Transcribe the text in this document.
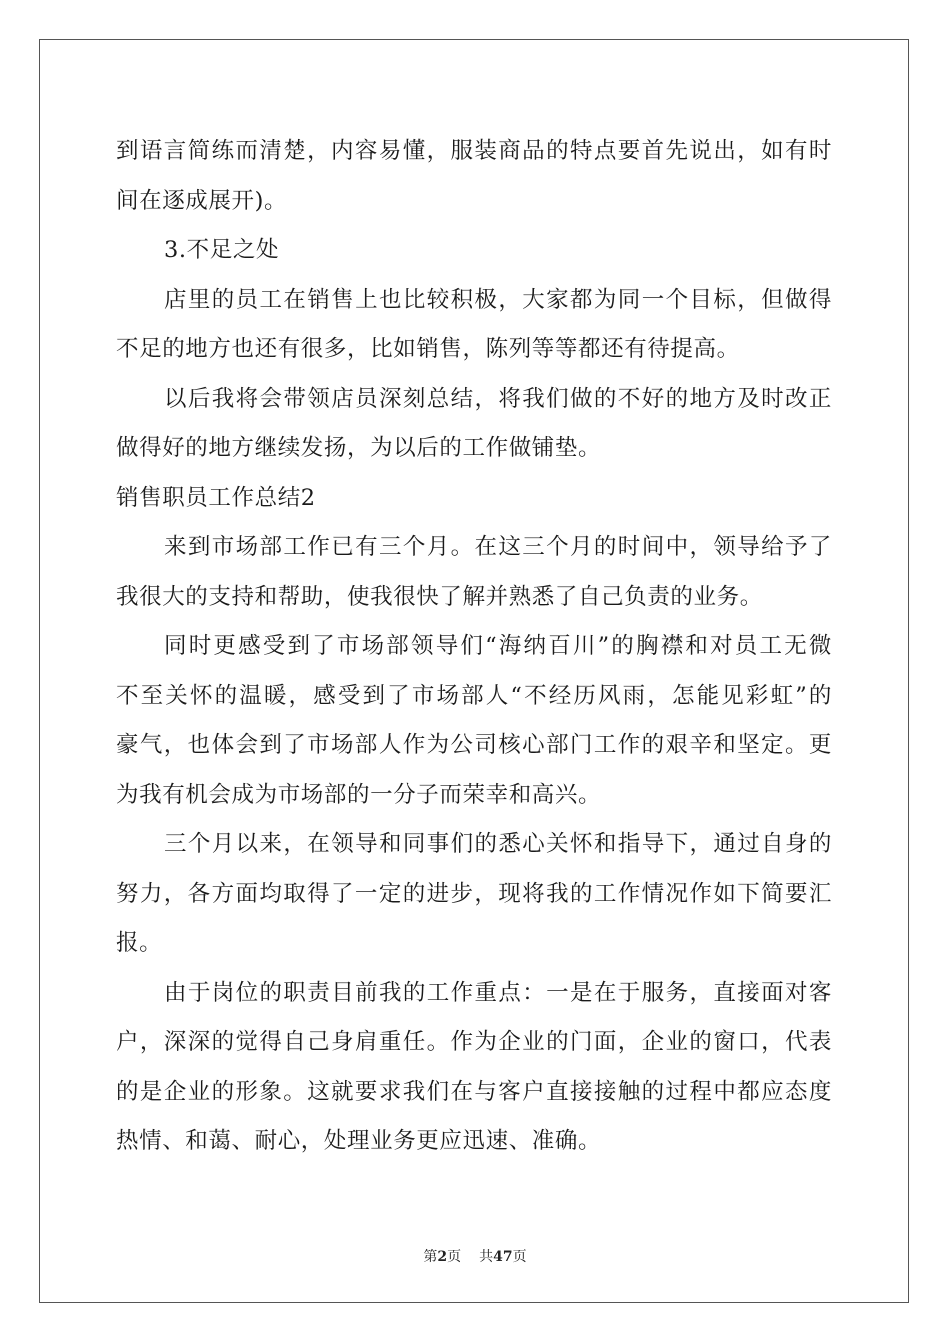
到语言简练而清楚，内容易懂，服装商品的特点要首先说出，如有时
间在逐成展开)。
3.不足之处
店里的员工在销售上也比较积极，大家都为同一个目标，但做得
不足的地方也还有很多，比如销售，陈列等等都还有待提高。
以后我将会带领店员深刻总结，将我们做的不好的地方及时改正
做得好的地方继续发扬，为以后的工作做铺垫。
销售职员工作总结2
来到市场部工作已有三个月。在这三个月的时间中，领导给予了
我很大的支持和帮助，使我很快了解并熟悉了自己负责的业务。
同时更感受到了市场部领导们“海纳百川”的胸襟和对员工无微
不至关怀的温暖，感受到了市场部人“不经历风雨，怎能见彩虹”的
豪气，也体会到了市场部人作为公司核心部门工作的艰辛和坚定。更
为我有机会成为市场部的一分子而荣幸和高兴。
三个月以来，在领导和同事们的悉心关怀和指导下，通过自身的
努力，各方面均取得了一定的进步，现将我的工作情况作如下简要汇
报。
由于岗位的职责目前我的工作重点：一是在于服务，直接面对客
户，深深的觉得自己身肩重任。作为企业的门面，企业的窗口，代表
的是企业的形象。这就要求我们在与客户直接接触的过程中都应态度
热情、和蔼、耐心，处理业务更应迅速、准确。
第2页 共47页
